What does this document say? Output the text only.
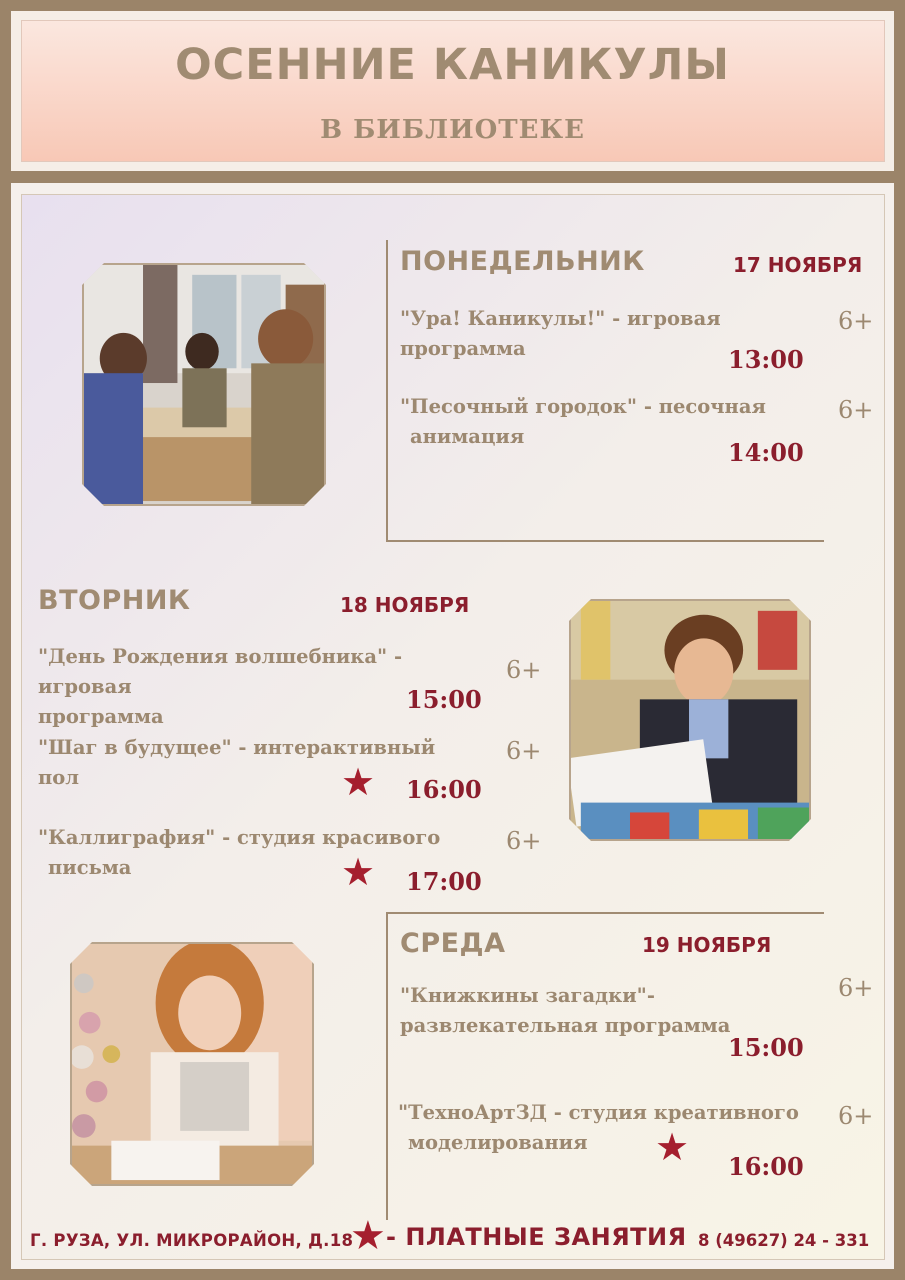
ОСЕННИЕ КАНИКУЛЫ
В БИБЛИОТЕКЕ
ПОНЕДЕЛЬНИК	17 НОЯБРЯ
"Ура! Каникулы!" - игровая программа
6+
13:00
"Песочный городок" - песочная
анимация
6+
14:00
ВТОРНИК	18 НОЯБРЯ
"День Рождения волшебника" - игровая
программа
6+
15:00
"Шаг в будущее" - интерактивный пол
6+
★ 16:00
"Каллиграфия" - студия красивого
письма
6+
★ 17:00
СРЕДА	19 НОЯБРЯ
"Книжкины загадки"-
развлекательная программа
6+
15:00
"ТехноАртЗД - студия креативного
моделирования
6+
★ 16:00
Г. РУЗА, УЛ. МИКРОРАЙОН, Д.18
★ - ПЛАТНЫЕ ЗАНЯТИЯ 8 (49627) 24 - 331
